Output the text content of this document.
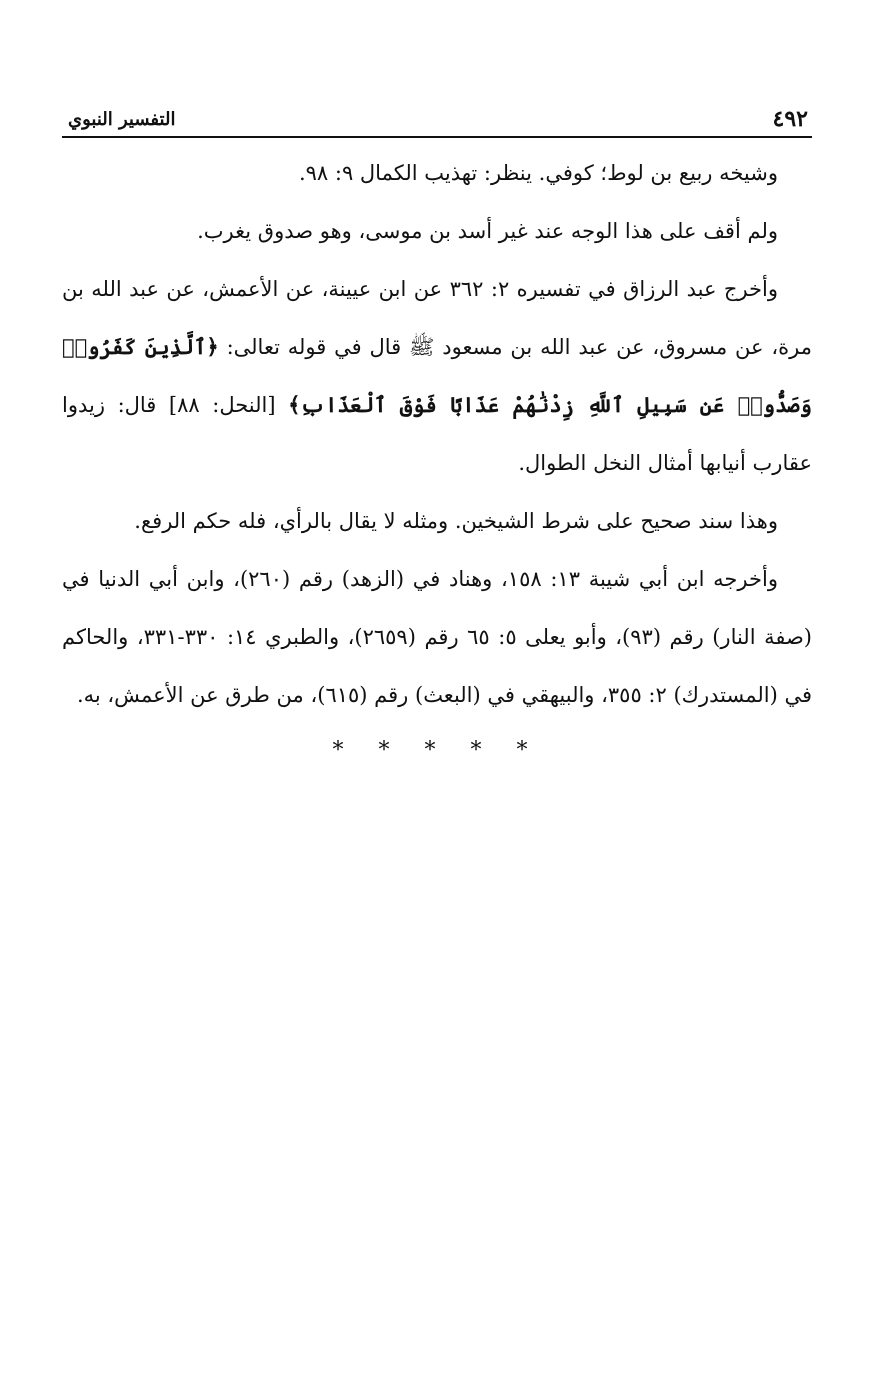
٤٩٢
التفسير النبوي

وشيخه ربيع بن لوط؛ كوفي. ينظر: تهذيب الكمال ٩: ٩٨.

ولم أقف على هذا الوجه عند غير أسد بن موسى، وهو صدوق يغرب.

وأخرج عبد الرزاق في تفسيره ٢: ٣٦٢ عن ابن عيينة، عن الأعمش، عن عبد الله بن مرة، عن مسروق، عن عبد الله بن مسعود ﷺ قال في قوله تعالى: ﴿ٱلَّذِينَ كَفَرُوا۟ وَصَدُّوا۟ عَن سَبِيلِ ٱللَّهِ زِدْنَٰهُمْ عَذَابًا فَوْقَ ٱلْعَذَابِ﴾ [النحل: ٨٨] قال: زيدوا عقارب أنيابها أمثال النخل الطوال.

وهذا سند صحيح على شرط الشيخين. ومثله لا يقال بالرأي، فله حكم الرفع.

وأخرجه ابن أبي شيبة ١٣: ١٥٨، وهناد في (الزهد) رقم (٢٦٠)، وابن أبي الدنيا في (صفة النار) رقم (٩٣)، وأبو يعلى ٥: ٦٥ رقم (٢٦٥٩)، والطبري ١٤: ٣٣٠-٣٣١، والحاكم في (المستدرك) ٢: ٣٥٥، والبيهقي في (البعث) رقم (٦١٥)، من طرق عن الأعمش، به.

* * * * *
